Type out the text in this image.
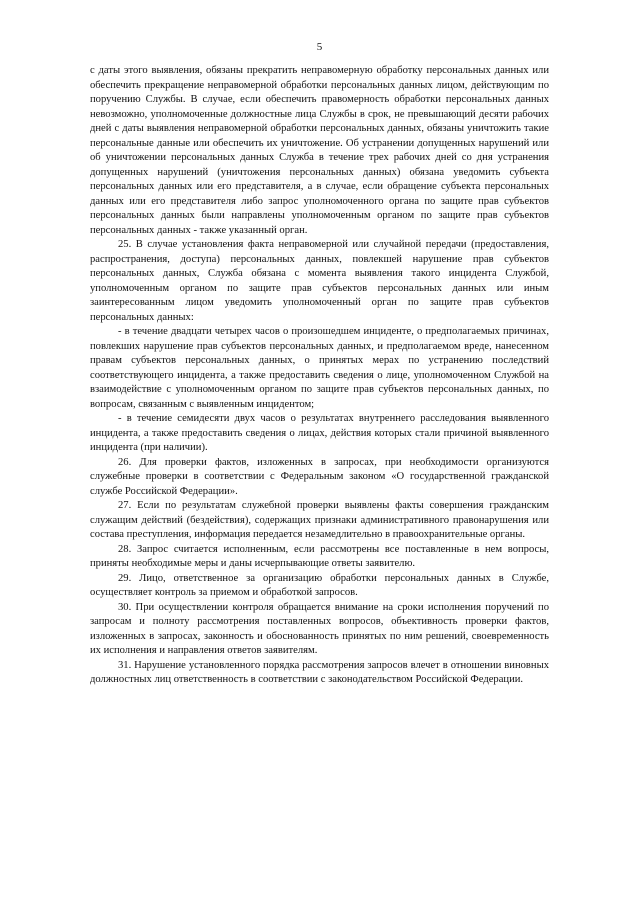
5

с даты этого выявления, обязаны прекратить неправомерную обработку персональных данных или обеспечить прекращение неправомерной обработки персональных данных лицом, действующим по поручению Службы. В случае, если обеспечить правомерность обработки персональных данных невозможно, уполномоченные должностные лица Службы в срок, не превышающий десяти рабочих дней с даты выявления неправомерной обработки персональных данных, обязаны уничтожить такие персональные данные или обеспечить их уничтожение. Об устранении допущенных нарушений или об уничтожении персональных данных Служба в течение трех рабочих дней со дня устранения допущенных нарушений (уничтожения персональных данных) обязана уведомить субъекта персональных данных или его представителя, а в случае, если обращение субъекта персональных данных или его представителя либо запрос уполномоченного органа по защите прав субъектов персональных данных были направлены уполномоченным органом по защите прав субъектов персональных данных - также указанный орган.

25. В случае установления факта неправомерной или случайной передачи (предоставления, распространения, доступа) персональных данных, повлекшей нарушение прав субъектов персональных данных, Служба обязана с момента выявления такого инцидента Службой, уполномоченным органом по защите прав субъектов персональных данных или иным заинтересованным лицом уведомить уполномоченный орган по защите прав субъектов персональных данных:

- в течение двадцати четырех часов о произошедшем инциденте, о предполагаемых причинах, повлекших нарушение прав субъектов персональных данных, и предполагаемом вреде, нанесенном правам субъектов персональных данных, о принятых мерах по устранению последствий соответствующего инцидента, а также предоставить сведения о лице, уполномоченном Службой на взаимодействие с уполномоченным органом по защите прав субъектов персональных данных, по вопросам, связанным с выявленным инцидентом;

- в течение семидесяти двух часов о результатах внутреннего расследования выявленного инцидента, а также предоставить сведения о лицах, действия которых стали причиной выявленного инцидента (при наличии).

26. Для проверки фактов, изложенных в запросах, при необходимости организуются служебные проверки в соответствии с Федеральным законом «О государственной гражданской службе Российской Федерации».

27. Если по результатам служебной проверки выявлены факты совершения гражданским служащим действий (бездействия), содержащих признаки административного правонарушения или состава преступления, информация передается незамедлительно в правоохранительные органы.

28. Запрос считается исполненным, если рассмотрены все поставленные в нем вопросы, приняты необходимые меры и даны исчерпывающие ответы заявителю.

29. Лицо, ответственное за организацию обработки персональных данных в Службе, осуществляет контроль за приемом и обработкой запросов.

30. При осуществлении контроля обращается внимание на сроки исполнения поручений по запросам и полноту рассмотрения поставленных вопросов, объективность проверки фактов, изложенных в запросах, законность и обоснованность принятых по ним решений, своевременность их исполнения и направления ответов заявителям.

31. Нарушение установленного порядка рассмотрения запросов влечет в отношении виновных должностных лиц ответственность в соответствии с законодательством Российской Федерации.
